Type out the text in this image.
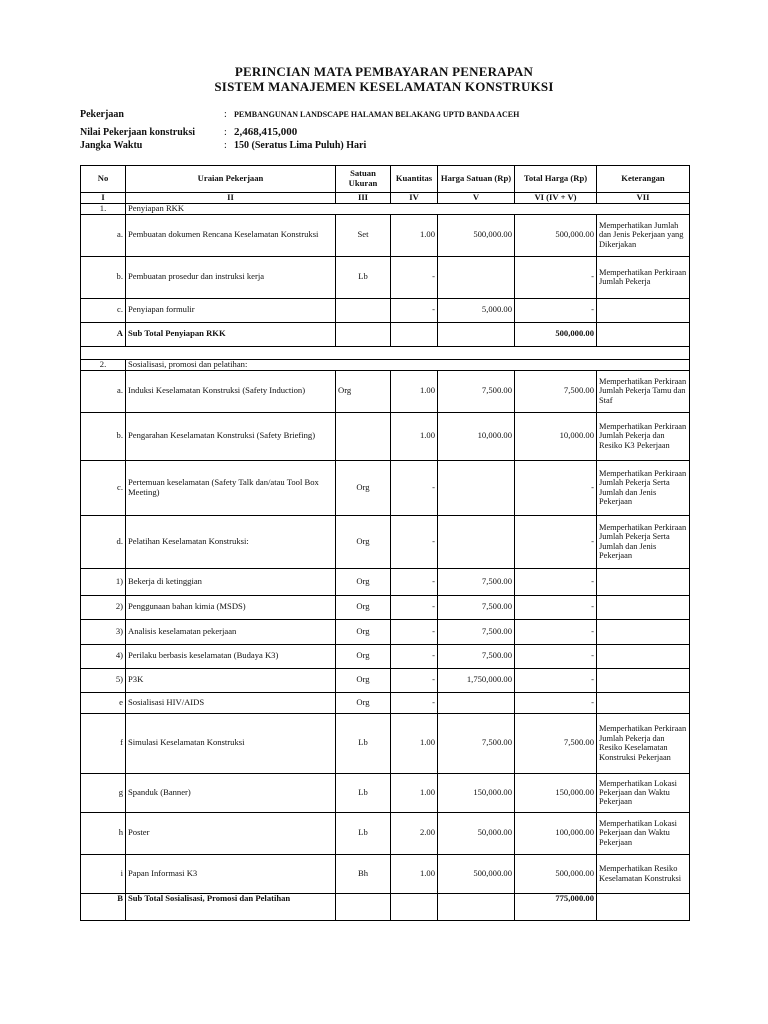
PERINCIAN MATA PEMBAYARAN PENERAPAN
SISTEM MANAJEMEN KESELAMATAN KONSTRUKSI
Pekerjaan	: PEMBANGUNAN LANDSCAPE HALAMAN BELAKANG UPTD BANDA ACEH
Nilai Pekerjaan konstruksi	: 2,468,415,000
Jangka Waktu	: 150 (Seratus Lima Puluh) Hari
No	Uraian Pekerjaan	Satuan Ukuran	Kuantitas	Harga Satuan (Rp)	Total Harga (Rp)	Keterangan
I	II	III	IV	V	VI (IV + V)	VII
1.	Penyiapan RKK					
a.	Pembuatan dokumen Rencana Keselamatan Konstruksi	Set	1.00	500,000.00	500,000.00	Memperhatikan Jumlah dan Jenis Pekerjaan yang Dikerjakan
b.	Pembuatan prosedur dan instruksi kerja	Lb	-		-	Memperhatikan Perkiraan Jumlah Pekerja
c.	Penyiapan formulir		-	5,000.00	-	
A	Sub Total Penyiapan RKK				500,000.00	

2.	Sosialisasi, promosi dan pelatihan:					
a.	Induksi Keselamatan Konstruksi (Safety Induction)	Org	1.00	7,500.00	7,500.00	Memperhatikan Perkiraan Jumlah Pekerja Tamu dan Staf
b.	Pengarahan Keselamatan Konstruksi (Safety Briefing)		1.00	10,000.00	10,000.00	Memperhatikan Perkiraan Jumlah Pekerja dan Resiko K3 Pekerjaan
c.	Pertemuan keselamatan (Safety Talk dan/atau Tool Box Meeting)	Org	-		-	Memperhatikan Perkiraan Jumlah Pekerja Serta Jumlah dan Jenis Pekerjaan
d.	Pelatihan Keselamatan Konstruksi:	Org	-		-	Memperhatikan Perkiraan Jumlah Pekerja Serta Jumlah dan Jenis Pekerjaan
1)	Bekerja di ketinggian	Org	-	7,500.00	-	
2)	Penggunaan bahan kimia (MSDS)	Org	-	7,500.00	-	
3)	Analisis keselamatan pekerjaan	Org	-	7,500.00	-	
4)	Perilaku berbasis keselamatan (Budaya K3)	Org	-	7,500.00	-	
5)	P3K	Org	-	1,750,000.00	-	
e	Sosialisasi HIV/AIDS	Org	-		-	
f	Simulasi Keselamatan Konstruksi	Lb	1.00	7,500.00	7,500.00	Memperhatikan Perkiraan Jumlah Pekerja dan Resiko Keselamatan Konstruksi Pekerjaan
g	Spanduk (Banner)	Lb	1.00	150,000.00	150,000.00	Memperhatikan Lokasi Pekerjaan dan Waktu Pekerjaan
h	Poster	Lb	2.00	50,000.00	100,000.00	Memperhatikan Lokasi Pekerjaan dan Waktu Pekerjaan
i	Papan Informasi K3	Bh	1.00	500,000.00	500,000.00	Memperhatikan Resiko Keselamatan Konstruksi
B	Sub Total Sosialisasi, Promosi dan Pelatihan				775,000.00	
